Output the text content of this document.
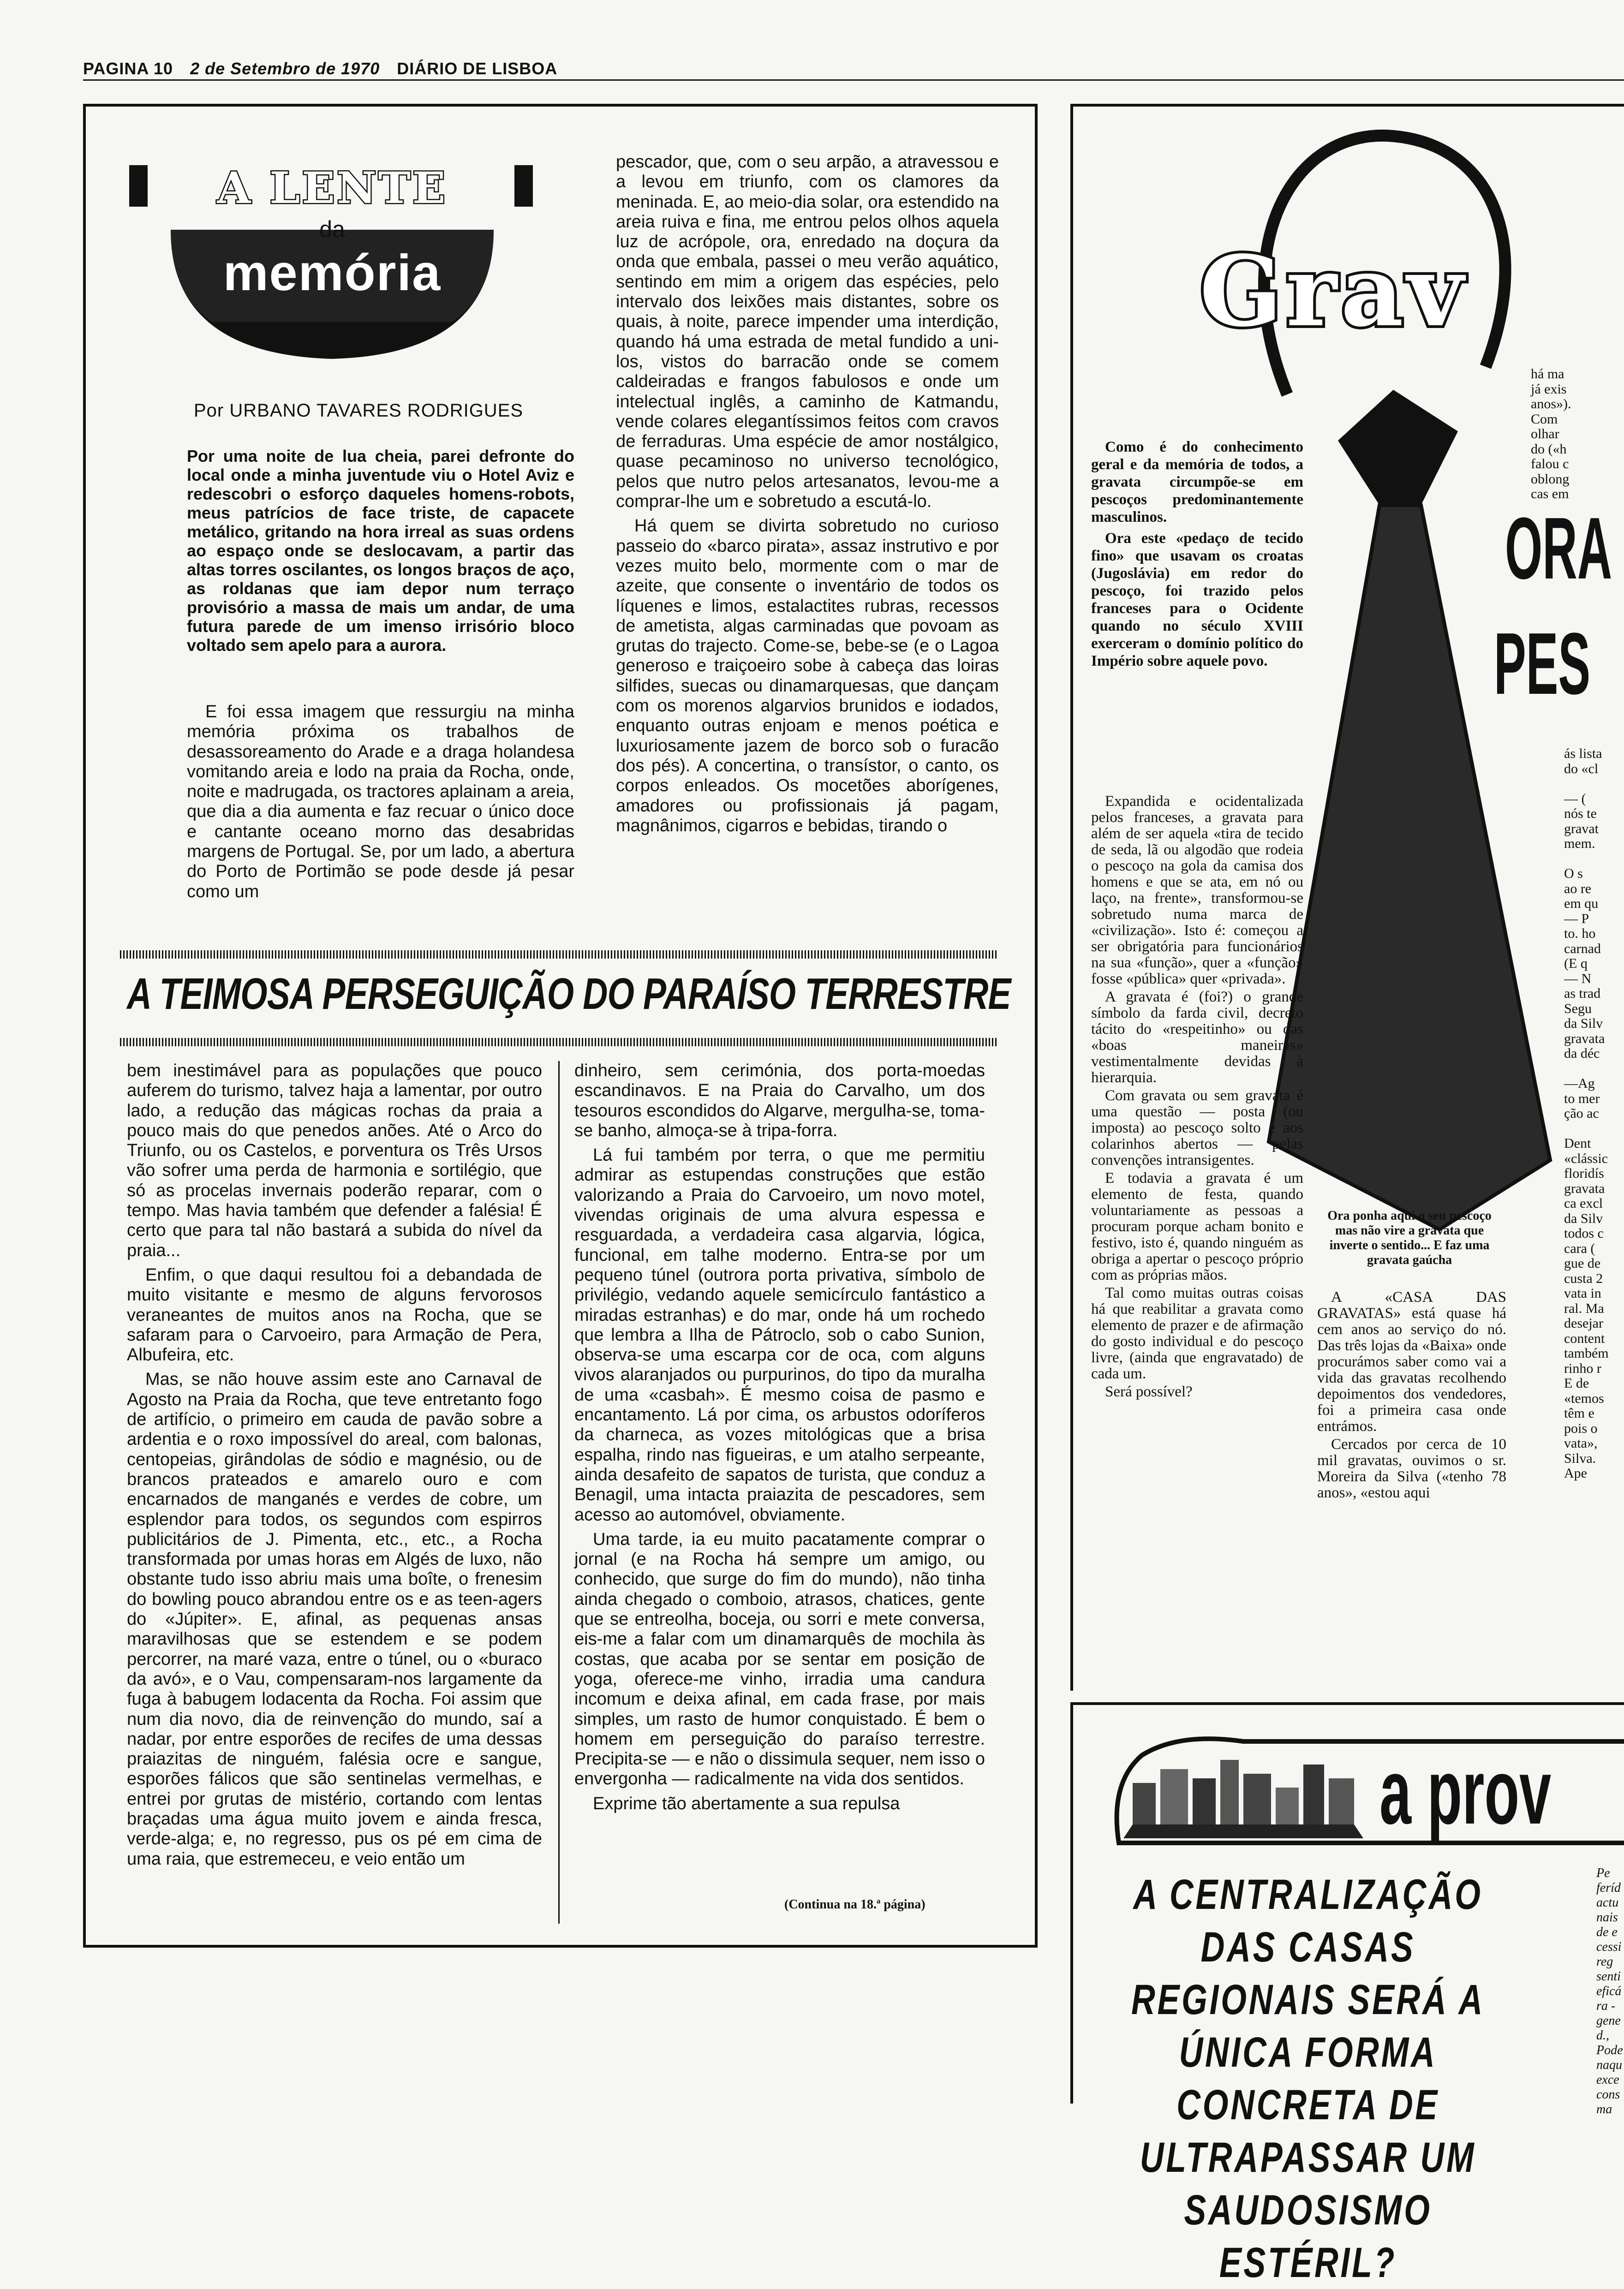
PAGINA 10 2 de Setembro de 1970 DIÁRIO DE LISBOA
A LENTE
da
memória
Por URBANO TAVARES RODRIGUES
Por uma noite de lua cheia, parei defronte do local onde a minha juventude viu o Hotel Aviz e redescobri o esforço daqueles homens-robots, meus patrícios de face triste, de capacete metálico, gritando na hora irreal as suas ordens ao espaço onde se deslocavam, a partir das altas torres oscilantes, os longos braços de aço, as roldanas que iam depor num terraço provisório a massa de mais um andar, de uma futura parede de um imenso irrisório bloco voltado sem apelo para a aurora.

E foi essa imagem que ressurgiu na minha memória próxima os trabalhos de desassoreamento do Arade e a draga holandesa vomitando areia e lodo na praia da Rocha, onde, noite e madrugada, os tractores aplainam a areia, que dia a dia aumenta e faz recuar o único doce e cantante oceano morno das desabridas margens de Portugal. Se, por um lado, a abertura do Porto de Portimão se pode desde já pesar como um

pescador, que, com o seu arpão, a atravessou e a levou em triunfo, com os clamores da meninada. E, ao meio-dia solar, ora estendido na areia ruiva e fina, me entrou pelos olhos aquela luz de acrópole, ora, enredado na doçura da onda que embala, passei o meu verão aquático, sentindo em mim a origem das espécies, pelo intervalo dos leixões mais distantes, sobre os quais, à noite, parece impender uma interdição, quando há uma estrada de metal fundido a uni-los, vistos do barracão onde se comem caldeiradas e frangos fabulosos e onde um intelectual inglês, a caminho de Katmandu, vende colares elegantíssimos feitos com cravos de ferraduras. Uma espécie de amor nostálgico, quase pecaminoso no universo tecnológico, pelos que nutro pelos artesanatos, levou-me a comprar-lhe um e sobretudo a escutá-lo.

Há quem se divirta sobretudo no curioso passeio do «barco pirata», assaz instrutivo e por vezes muito belo, mormente com o mar de azeite, que consente o inventário de todos os líquenes e limos, estalactites rubras, recessos de ametista, algas carminadas que povoam as grutas do trajecto. Come-se, bebe-se (e o Lagoa generoso e traiçoeiro sobe à cabeça das loiras silfides, suecas ou dinamarquesas, que dançam com os morenos algarvios brunidos e iodados, enquanto outras enjoam e menos poética e luxuriosamente jazem de borco sob o furacão dos pés). A concertina, o transístor, o canto, os corpos enleados. Os mocetões aborígenes, amadores ou profissionais já pagam, magnânimos, cigarros e bebidas, tirando o

A TEIMOSA PERSEGUIÇÃO DO PARAÍSO TERRESTRE

bem inestimável para as populações que pouco auferem do turismo, talvez haja a lamentar, por outro lado, a redução das mágicas rochas da praia a pouco mais do que penedos anões. Até o Arco do Triunfo, ou os Castelos, e porventura os Três Ursos vão sofrer uma perda de harmonia e sortilégio, que só as procelas invernais poderão reparar, com o tempo. Mas havia também que defender a falésia! É certo que para tal não bastará a subida do nível da praia...

Enfim, o que daqui resultou foi a debandada de muito visitante e mesmo de alguns fervorosos veraneantes de muitos anos na Rocha, que se safaram para o Carvoeiro, para Armação de Pera, Albufeira, etc.

Mas, se não houve assim este ano Carnaval de Agosto na Praia da Rocha, que teve entretanto fogo de artifício, o primeiro em cauda de pavão sobre a ardentia e o roxo impossível do areal, com balonas, centopeias, girândolas de sódio e magnésio, ou de brancos prateados e amarelo ouro e com encarnados de manganés e verdes de cobre, um esplendor para todos, os segundos com espirros publicitários de J. Pimenta, etc., etc., a Rocha transformada por umas horas em Algés de luxo, não obstante tudo isso abriu mais uma boîte, o frenesim do bowling pouco abrandou entre os e as teen-agers do «Júpiter». E, afinal, as pequenas ansas maravilhosas que se estendem e se podem percorrer, na maré vaza, entre o túnel, ou o «buraco da avó», e o Vau, compensaram-nos largamente da fuga à babugem lodacenta da Rocha. Foi assim que num dia novo, dia de reinvenção do mundo, saí a nadar, por entre esporões de recifes de uma dessas praiazitas de ninguém, falésia ocre e sangue, esporões fálicos que são sentinelas vermelhas, e entrei por grutas de mistério, cortando com lentas braçadas uma água muito jovem e ainda fresca, verde-alga; e, no regresso, pus os pé em cima de uma raia, que estremeceu, e veio então um

dinheiro, sem cerimónia, dos porta-moedas escandinavos. E na Praia do Carvalho, um dos tesouros escondidos do Algarve, mergulha-se, toma-se banho, almoça-se à tripa-forra.

Lá fui também por terra, o que me permitiu admirar as estupendas construções que estão valorizando a Praia do Carvoeiro, um novo motel, vivendas originais de uma alvura espessa e resguardada, a verdadeira casa algarvia, lógica, funcional, em talhe moderno. Entra-se por um pequeno túnel (outrora porta privativa, símbolo de privilégio, vedando aquele semicírculo fantástico a miradas estranhas) e do mar, onde há um rochedo que lembra a Ilha de Pátroclo, sob o cabo Sunion, observa-se uma escarpa cor de oca, com alguns vivos alaranjados ou purpurinos, do tipo da muralha de uma «casbah». É mesmo coisa de pasmo e encantamento. Lá por cima, os arbustos odoríferos da charneca, as vozes mitológicas que a brisa espalha, rindo nas figueiras, e um atalho serpeante, ainda desafeito de sapatos de turista, que conduz a Benagil, uma intacta praiazita de pescadores, sem acesso ao automóvel, obviamente.

Uma tarde, ia eu muito pacatamente comprar o jornal (e na Rocha há sempre um amigo, ou conhecido, que surge do fim do mundo), não tinha ainda chegado o comboio, atrasos, chatices, gente que se entreolha, boceja, ou sorri e mete conversa, eis-me a falar com um dinamarquês de mochila às costas, que acaba por se sentar em posição de yoga, oferece-me vinho, irradia uma candura incomum e deixa afinal, em cada frase, por mais simples, um rasto de humor conquistado. É bem o homem em perseguição do paraíso terrestre. Precipita-se — e não o dissimula sequer, nem isso o envergonha — radicalmente na vida dos sentidos.

Exprime tão abertamente a sua repulsa

(Continua na 18.ª página)
Grav

Como é do conhecimento geral e da memória de todos, a gravata circumpõe-se em pescoços predominantemente masculinos.

Ora este «pedaço de tecido fino» que usavam os croatas (Jugoslávia) em redor do pescoço, foi trazido pelos franceses para o Ocidente quando no século XVIII exerceram o domínio político do Império sobre aquele povo.

Expandida e ocidentalizada pelos franceses, a gravata para além de ser aquela «tira de tecido de seda, lã ou algodão que rodeia o pescoço na gola da camisa dos homens e que se ata, em nó ou laço, na frente», transformou-se sobretudo numa marca de «civilização». Isto é: começou a ser obrigatória para funcionários na sua «função», quer a «função» fosse «pública» quer «privada».

A gravata é (foi?) o grande símbolo da farda civil, decreto tácito do «respeitinho» ou das «boas maneiras» vestimentalmente devidas à hierarquia.

Com gravata ou sem gravata é uma questão — posta (ou imposta) ao pescoço solto e aos colarinhos abertos — pelas convenções intransigentes.

E todavia a gravata é um elemento de festa, quando voluntariamente as pessoas a procuram porque acham bonito e festivo, isto é, quando ninguém as obriga a apertar o pescoço próprio com as próprias mãos.

Tal como muitas outras coisas há que reabilitar a gravata como elemento de prazer e de afirmação do gosto individual e do pescoço livre, (ainda que engravatado) de cada um.

Será possível?

Ora ponha aqui o seu pescoço mas não vire a gravata que inverte o sentido... E faz uma gravata gaúcha

A «CASA DAS GRAVATAS» está quase há cem anos ao serviço do nó. Das três lojas da «Baixa» onde procurámos saber como vai a vida das gravatas recolhendo depoimentos dos vendedores, foi a primeira casa onde entrámos.

Cercados por cerca de 10 mil gravatas, ouvimos o sr. Moreira da Silva («tenho 78 anos», «estou aqui

há ma
já exis
anos»).
Com
olhar
do («h
falou c
oblong
cas em
ORA
PES
ás lista
do «cl

— (
nós te
gravat
mem.

O s
ao re
em qu
— P
to. ho
carnad
(E q
— N
as trad
Segu
da Silv
gravata
da déc

—Ag
to mer
ção ac

Dent
«clássic
floridís
gravata
ca excl
da Silv
todos c
cara (
gue de
custa 2
vata in
ral. Ma
desejar
content
também
rinho r
E de
«temos
têm e
pois o
vata»,
Silva.
Ape
a prov
A CENTRALIZAÇÃO DAS CASAS REGIONAIS SERÁ A ÚNICA FORMA CONCRETA DE ULTRAPASSAR UM SAUDOSISMO ESTÉRIL?
Pe
feríd
actu
nais
de e
cessi
reg
senti
eficá
ra -
gene
d.,
Pode
naqu
exce
cons
ma
